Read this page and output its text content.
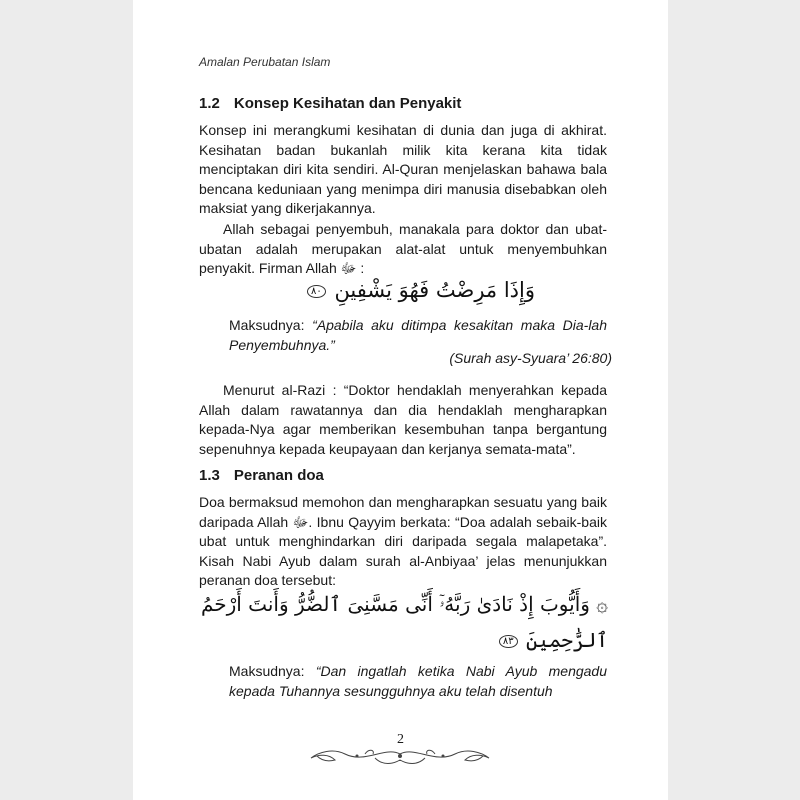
Amalan Perubatan Islam
1.2 Konsep Kesihatan dan Penyakit

Konsep ini merangkumi kesihatan di dunia dan juga di akhirat. Kesihatan badan bukanlah milik kita kerana kita tidak menciptakan diri kita sendiri. Al-Quran menjelaskan bahawa bala bencana keduniaan yang menimpa diri manusia disebabkan oleh maksiat yang dikerjakannya.

Allah sebagai penyembuh, manakala para doktor dan ubat-ubatan adalah merupakan alat-alat untuk menyembuhkan penyakit. Firman Allah ﷻ :

وَإِذَا مَرِضْتُ فَهُوَ يَشْفِينِ ٨٠

Maksudnya: “Apabila aku ditimpa kesakitan maka Dia-lah Penyembuhnya.”

(Surah asy-Syuara’ 26:80)

Menurut al-Razi : “Doktor hendaklah menyerahkan kepada Allah dalam rawatannya dan dia hendaklah mengharapkan kepada-Nya agar memberikan kesembuhan tanpa bergantung sepenuhnya kepada keupayaan dan kerjanya semata-mata”.

1.3 Peranan doa

Doa bermaksud memohon dan mengharapkan sesuatu yang baik daripada Allah ﷻ. Ibnu Qayyim berkata: “Doa adalah sebaik-baik ubat untuk menghindarkan diri daripada segala malapetaka”. Kisah Nabi Ayub dalam surah al-Anbiyaa’ jelas menunjukkan peranan doa tersebut:

۞ وَأَيُّوبَ إِذْ نَادَىٰ رَبَّهُۥٓ أَنِّى مَسَّنِىَ ٱلضُّرُّ وَأَنتَ أَرْحَمُ
ٱلرَّٰحِمِينَ ٨٣

Maksudnya: “Dan ingatlah ketika Nabi Ayub mengadu kepada Tuhannya sesungguhnya aku telah disentuh

2
